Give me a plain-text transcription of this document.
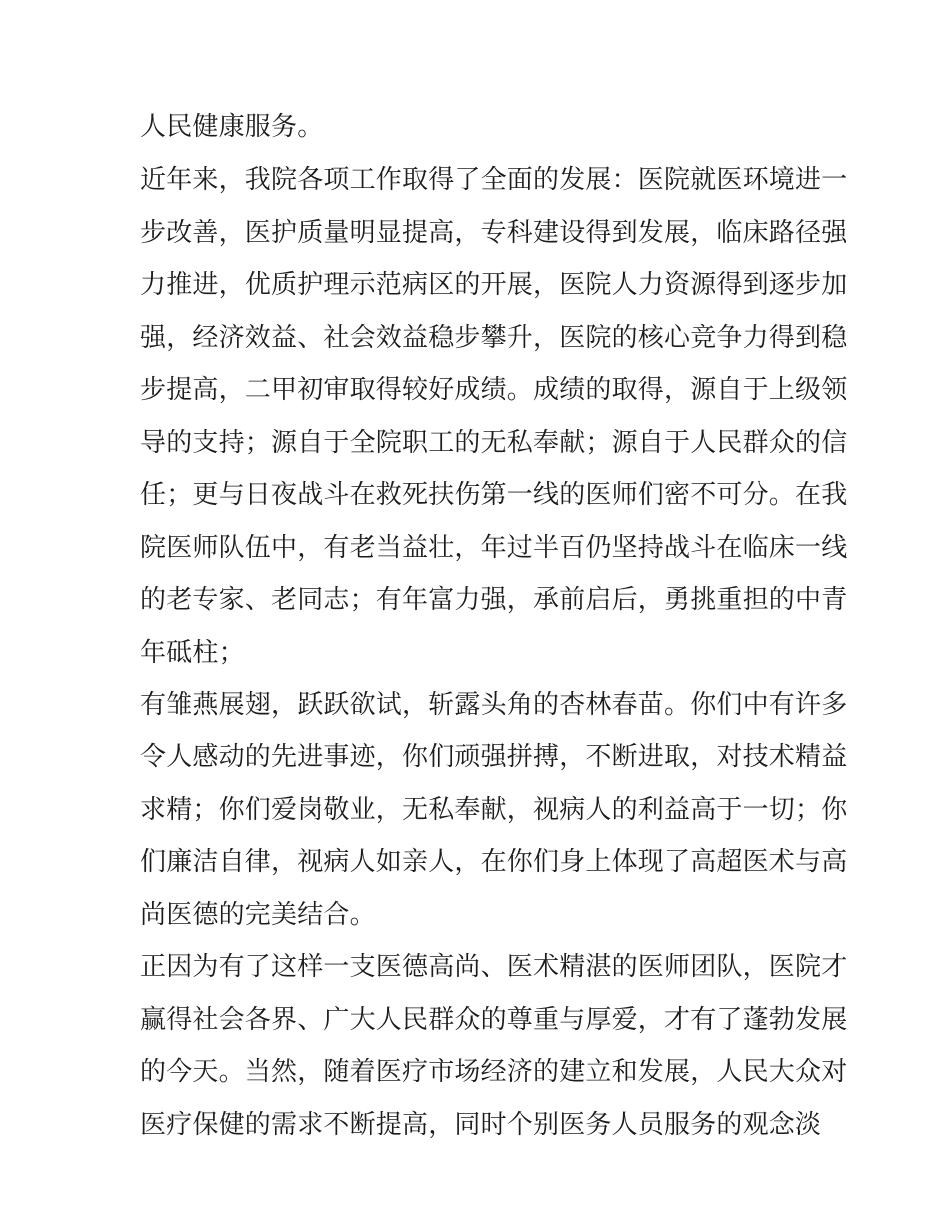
人民健康服务。
近年来，我院各项工作取得了全面的发展：医院就医环境进一
步改善，医护质量明显提高，专科建设得到发展，临床路径强
力推进，优质护理示范病区的开展，医院人力资源得到逐步加
强，经济效益、社会效益稳步攀升，医院的核心竞争力得到稳
步提高，二甲初审取得较好成绩。成绩的取得，源自于上级领
导的支持；源自于全院职工的无私奉献；源自于人民群众的信
任；更与日夜战斗在救死扶伤第一线的医师们密不可分。在我
院医师队伍中，有老当益壮，年过半百仍坚持战斗在临床一线
的老专家、老同志；有年富力强，承前启后，勇挑重担的中青
年砥柱；
有雏燕展翅，跃跃欲试，斩露头角的杏林春苗。你们中有许多
令人感动的先进事迹，你们顽强拼搏，不断进取，对技术精益
求精；你们爱岗敬业，无私奉献，视病人的利益高于一切；你
们廉洁自律，视病人如亲人，在你们身上体现了高超医术与高
尚医德的完美结合。
正因为有了这样一支医德高尚、医术精湛的医师团队，医院才
赢得社会各界、广大人民群众的尊重与厚爱，才有了蓬勃发展
的今天。当然，随着医疗市场经济的建立和发展，人民大众对
医疗保健的需求不断提高，同时个别医务人员服务的观念淡
